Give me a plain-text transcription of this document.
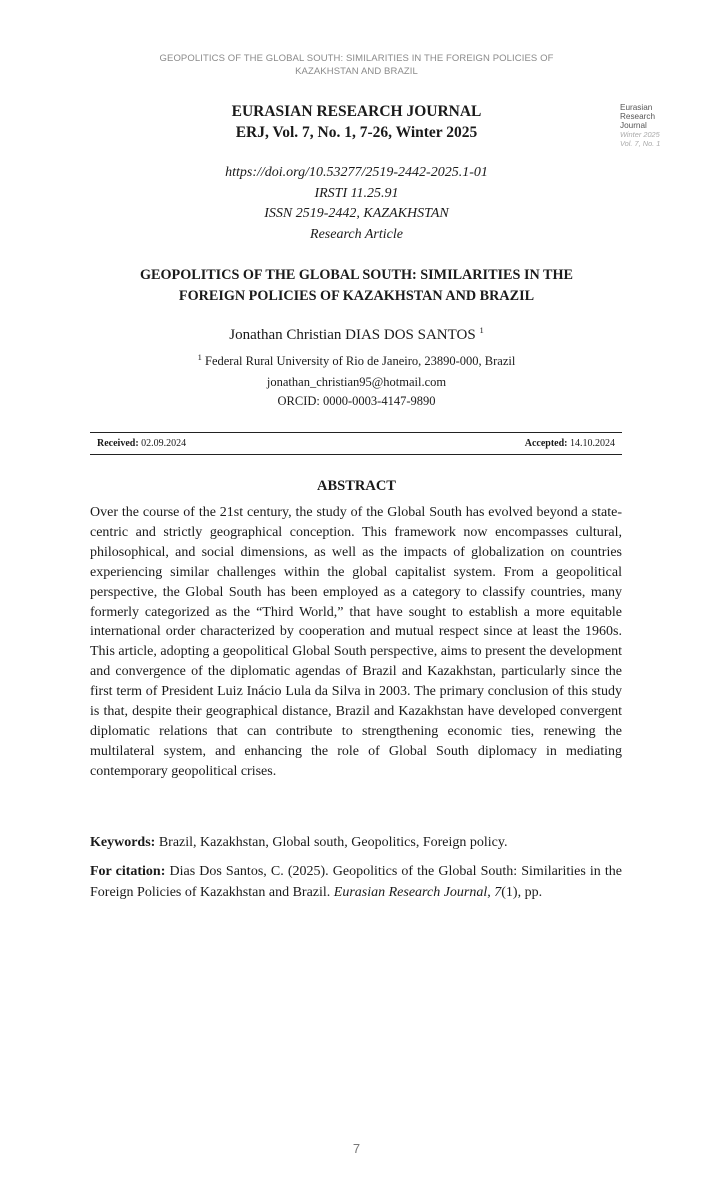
GEOPOLITICS OF THE GLOBAL SOUTH: SIMILARITIES IN THE FOREIGN POLICIES OF
KAZAKHSTAN AND BRAZIL
Eurasian
Research
Journal
Winter 2025
Vol. 7, No. 1
EURASIAN RESEARCH JOURNAL
ERJ, Vol. 7, No. 1, 7-26, Winter 2025
https://doi.org/10.53277/2519-2442-2025.1-01
IRSTI 11.25.91
ISSN 2519-2442, KAZAKHSTAN
Research Article
GEOPOLITICS OF THE GLOBAL SOUTH: SIMILARITIES IN THE
FOREIGN POLICIES OF KAZAKHSTAN AND BRAZIL
Jonathan Christian DIAS DOS SANTOS $^1$
$^1$ Federal Rural University of Rio de Janeiro, 23890-000, Brazil
jonathan_christian95@hotmail.com
ORCID: 0000-0003-4147-9890
Received: 02.09.2024	Accepted: 14.10.2024
ABSTRACT

Over the course of the 21st century, the study of the Global South has evolved beyond a state-centric and strictly geographical conception. This framework now encompasses cultural, philosophical, and social dimensions, as well as the impacts of globalization on countries experiencing similar challenges within the global capitalist system. From a geopolitical perspective, the Global South has been employed as a category to classify countries, many formerly categorized as the “Third World,” that have sought to establish a more equitable international order characterized by cooperation and mutual respect since at least the 1960s. This article, adopting a geopolitical Global South perspective, aims to present the development and convergence of the diplomatic agendas of Brazil and Kazakhstan, particularly since the first term of President Luiz Inácio Lula da Silva in 2003. The primary conclusion of this study is that, despite their geographical distance, Brazil and Kazakhstan have developed convergent diplomatic relations that can contribute to strengthening economic ties, renewing the multilateral system, and enhancing the role of Global South diplomacy in mediating contemporary geopolitical crises.

Keywords: Brazil, Kazakhstan, Global south, Geopolitics, Foreign policy.
For citation: Dias Dos Santos, C. (2025). Geopolitics of the Global South: Similarities in the Foreign Policies of Kazakhstan and Brazil. Eurasian Research Journal, 7(1), pp.
7
